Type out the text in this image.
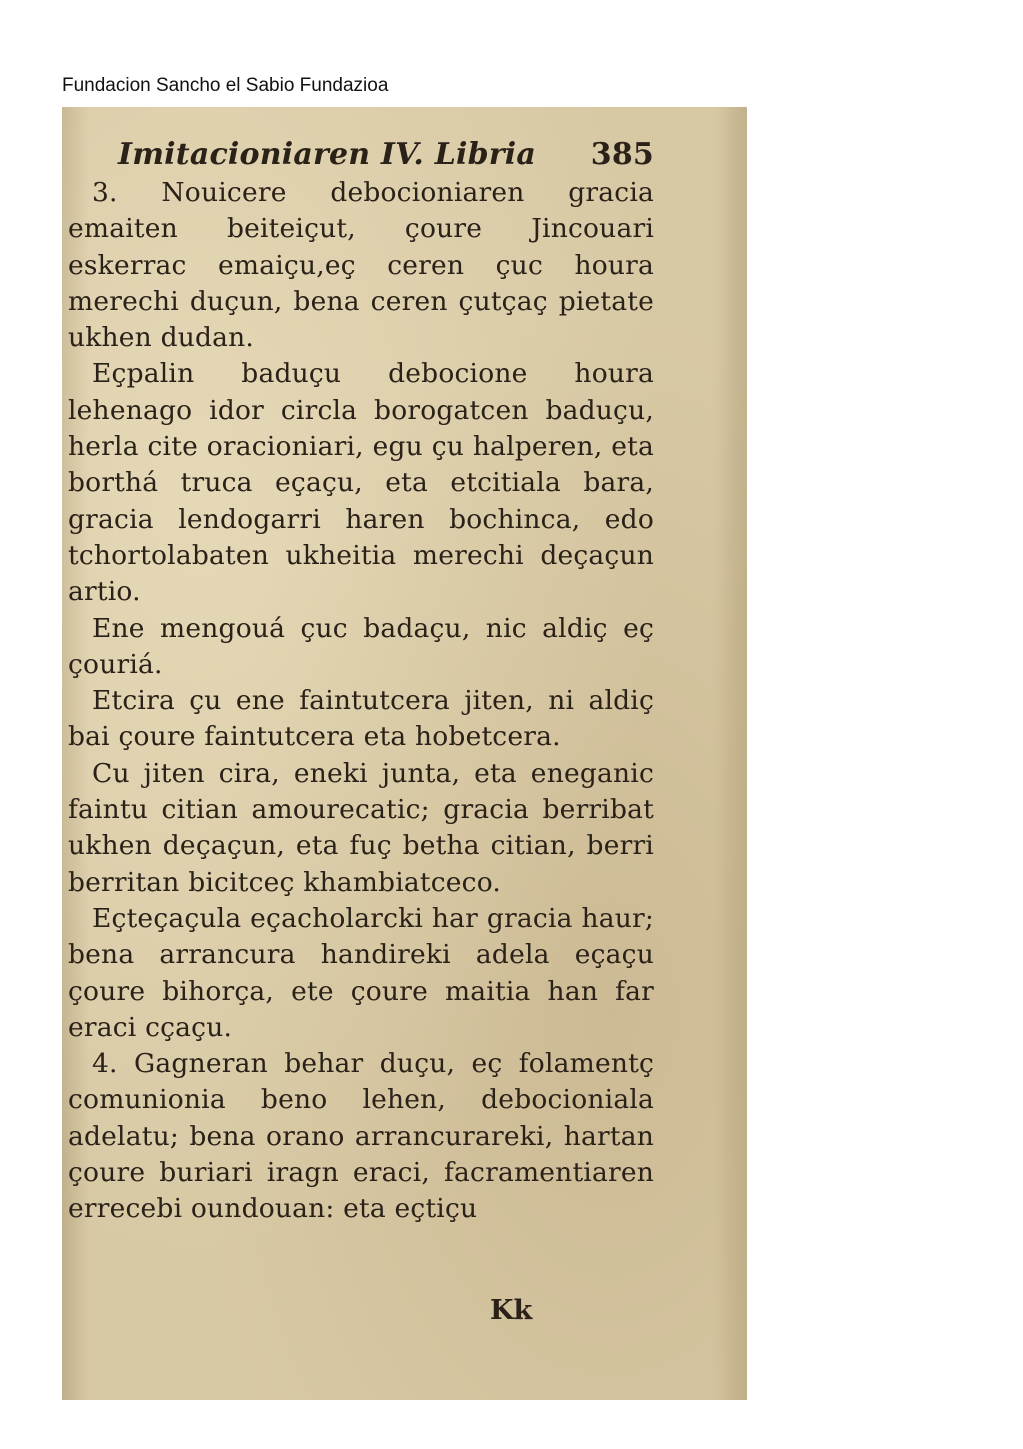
Fundacion Sancho el Sabio Fundazioa
Imitacioniaren IV. Libria 385

3. Nouicere debocioniaren gracia emaiten beiteiçut, çoure Jincouari eskerrac emaiçu,eç ceren çuc houra merechi duçun, bena ceren çutçaç pietate ukhen dudan.

Eçpalin baduçu debocione houra lehenago idor circla borogatcen baduçu, herla cite oracioniari, egu çu halperen, eta borthá truca eçaçu, eta etcitiala bara, gracia lendogarri haren bochinca, edo tchortolabaten ukheitia merechi deçaçun artio.

Ene mengouá çuc badaçu, nic aldiç eç çouriá.

Etcira çu ene faintutcera jiten, ni aldiç bai çoure faintutcera eta hobetcera.

Cu jiten cira, eneki junta, eta eneganic faintu citian amourecatic; gracia berribat ukhen deçaçun, eta fuç betha citian, berri berritan bicitceç khambiatceco.

Eçteçaçula eçacholarcki har gracia haur; bena arrancura handireki adela eçaçu çoure bihorça, ete çoure maitia han far eraci cçaçu.

4. Gagneran behar duçu, eç folamentç comunionia beno lehen, debocioniala adelatu; bena orano arrancurareki, hartan çoure buriari iragn eraci, facramentiaren errecebi oundouan: eta eçtiçu

Kk
